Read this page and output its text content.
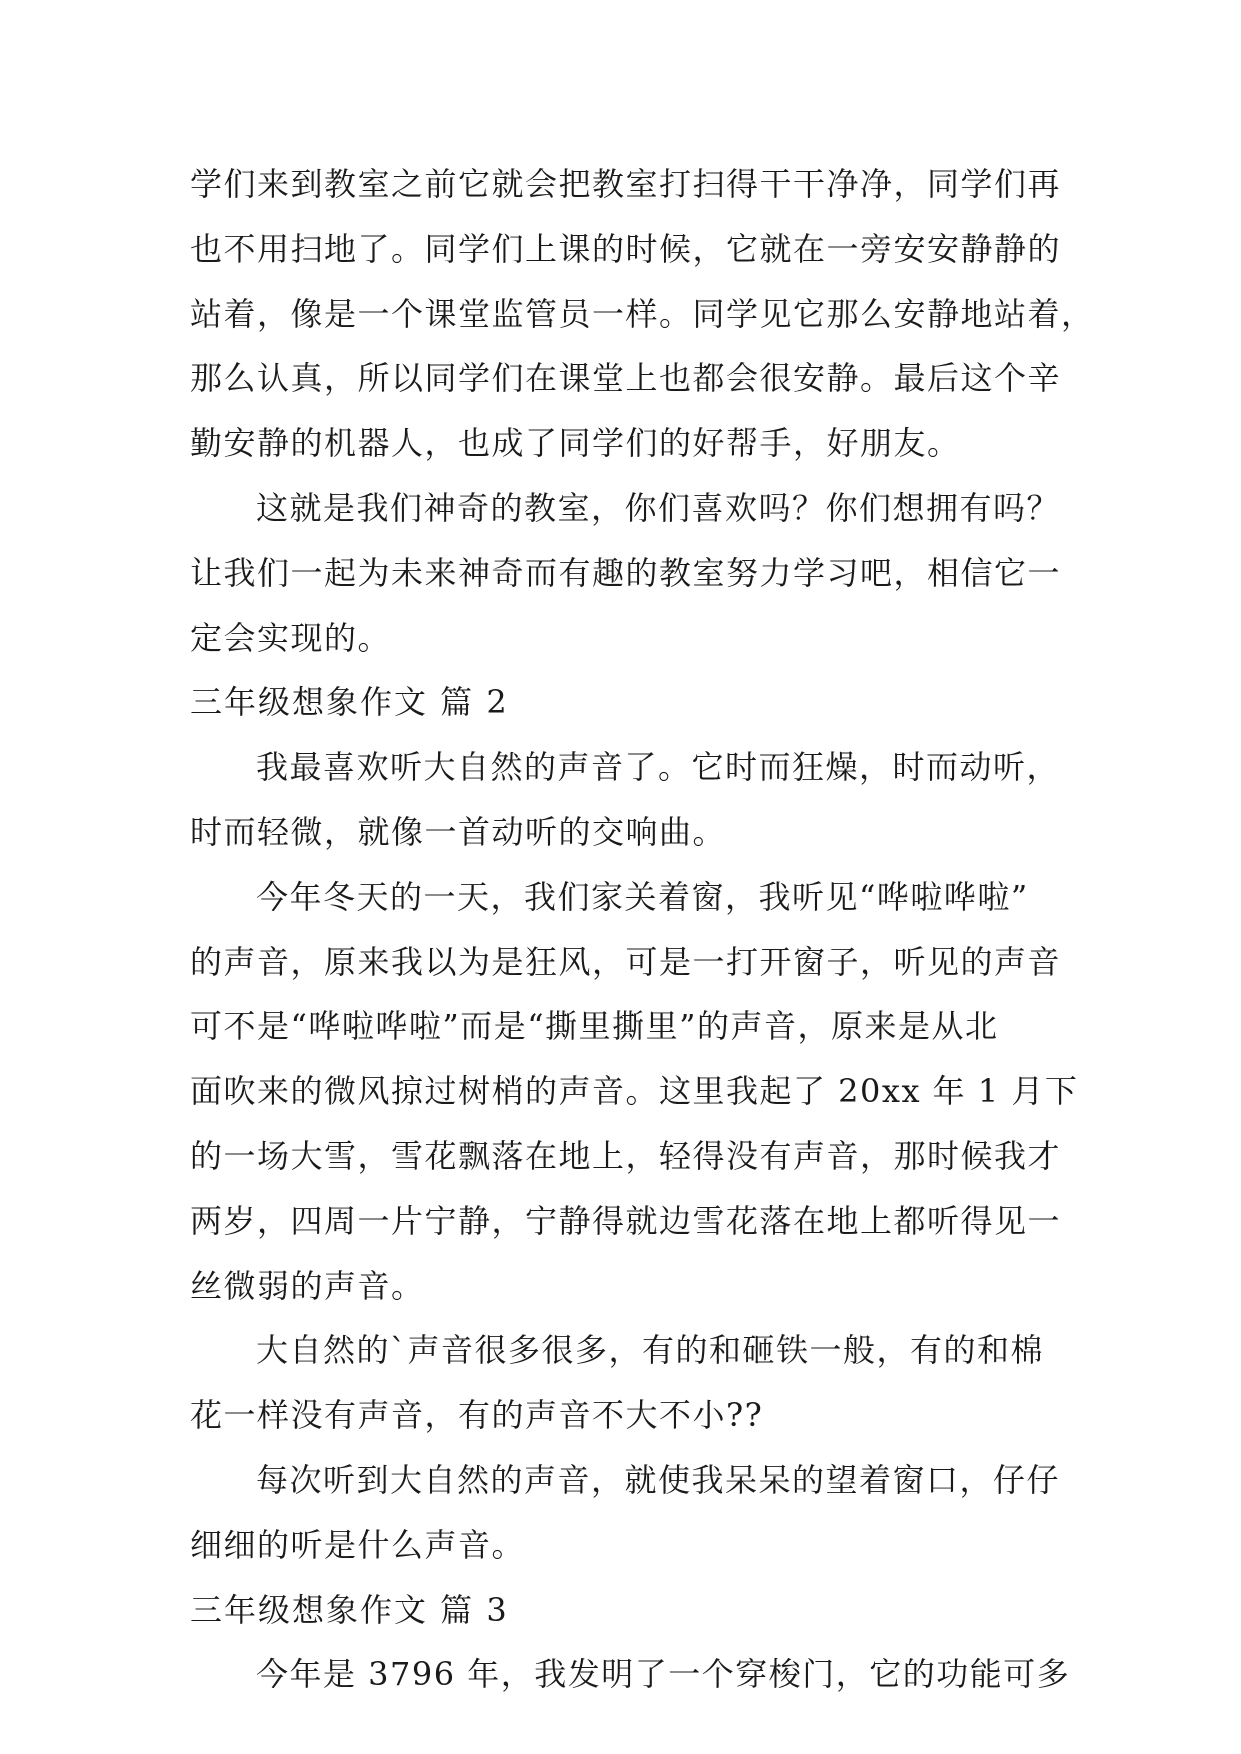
学们来到教室之前它就会把教室打扫得干干净净，同学们再
也不用扫地了。同学们上课的时候，它就在一旁安安静静的
站着，像是一个课堂监管员一样。同学见它那么安静地站着，
那么认真，所以同学们在课堂上也都会很安静。最后这个辛
勤安静的机器人，也成了同学们的好帮手，好朋友。
这就是我们神奇的教室，你们喜欢吗？你们想拥有吗？
让我们一起为未来神奇而有趣的教室努力学习吧，相信它一
定会实现的。
三年级想象作文 篇 2
我最喜欢听大自然的声音了。它时而狂燥，时而动听，
时而轻微，就像一首动听的交响曲。
今年冬天的一天，我们家关着窗，我听见“哗啦哗啦”
的声音，原来我以为是狂风，可是一打开窗子，听见的声音
可不是“哗啦哗啦”而是“撕里撕里”的声音，原来是从北
面吹来的微风掠过树梢的声音。这里我起了 20xx 年 1 月下
的一场大雪，雪花飘落在地上，轻得没有声音，那时候我才
两岁，四周一片宁静，宁静得就边雪花落在地上都听得见一
丝微弱的声音。
大自然的`声音很多很多，有的和砸铁一般，有的和棉
花一样没有声音，有的声音不大不小??
每次听到大自然的声音，就使我呆呆的望着窗口，仔仔
细细的听是什么声音。
三年级想象作文 篇 3
今年是 3796 年，我发明了一个穿梭门，它的功能可多
